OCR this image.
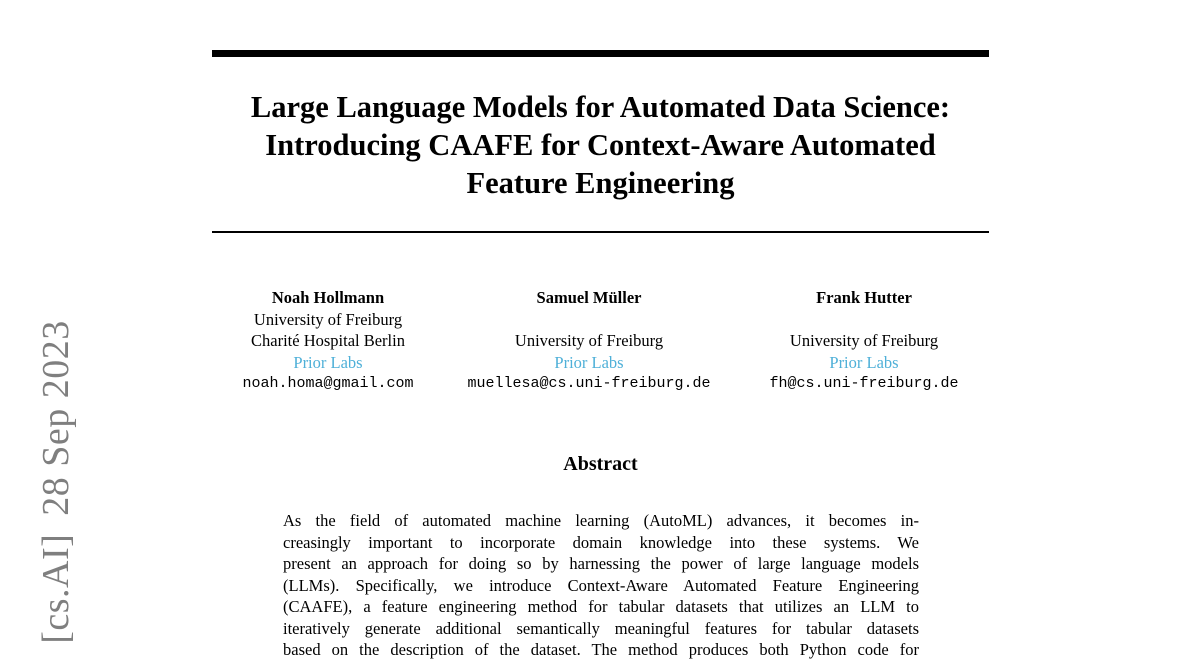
[cs.AI]28 Sep 2023
Large Language Models for Automated Data Science:
Introducing CAAFE for Context-Aware Automated
Feature Engineering
Noah Hollmann
University of Freiburg
Charité Hospital Berlin
Prior Labs
noah.homa@gmail.com
Samuel Müller
University of Freiburg
Prior Labs
muellesa@cs.uni-freiburg.de
Frank Hutter
University of Freiburg
Prior Labs
fh@cs.uni-freiburg.de
Abstract
As the field of automated machine learning (AutoML) advances, it becomes in-
creasingly important to incorporate domain knowledge into these systems. We
present an approach for doing so by harnessing the power of large language models
(LLMs). Specifically, we introduce Context-Aware Automated Feature Engineering
(CAAFE), a feature engineering method for tabular datasets that utilizes an LLM to
iteratively generate additional semantically meaningful features for tabular datasets
based on the description of the dataset. The method produces both Python code for
